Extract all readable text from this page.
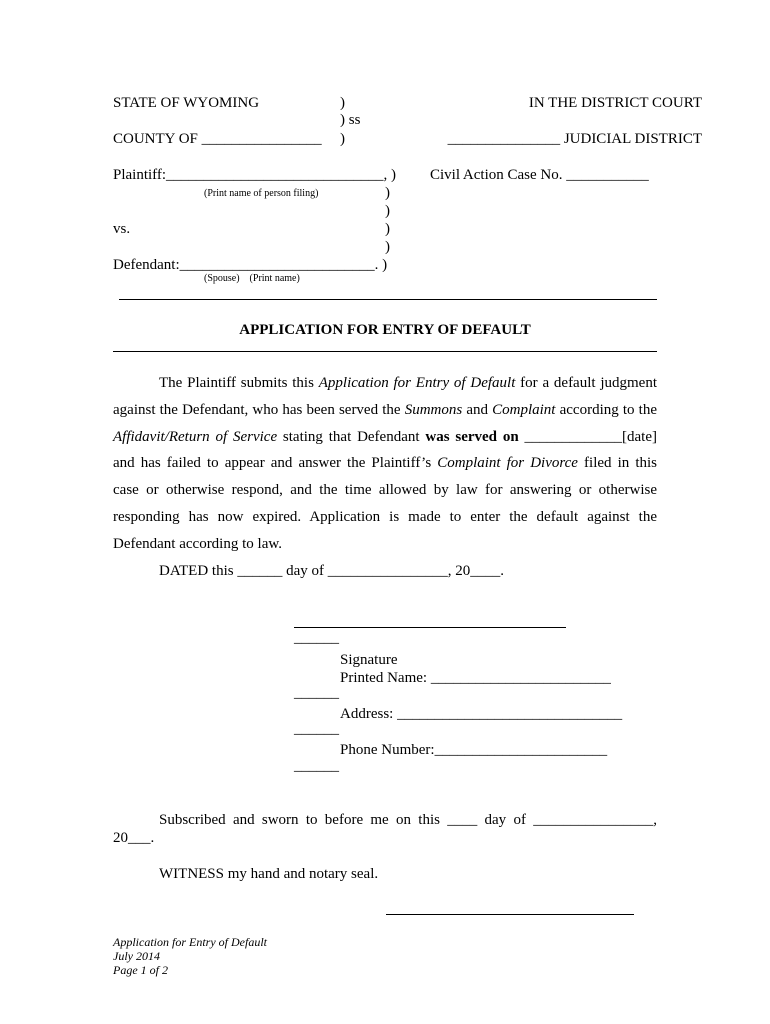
STATE OF WYOMING	)
) ss
COUNTY OF ________________ )
IN THE DISTRICT COURT
_______________ JUDICIAL DISTRICT
Plaintiff:_____________________________, )
(Print name of person filing)
Civil Action Case No. ___________
)
)
vs.	)
)
Defendant:__________________________. )
(Spouse)    (Print name)
APPLICATION FOR ENTRY OF DEFAULT
The Plaintiff submits this Application for Entry of Default for a default judgment
against the Defendant, who has been served the Summons and Complaint according to the
Affidavit/Return of Service stating that Defendant was served on _____________[date]
and has failed to appear and answer the Plaintiff’s Complaint for Divorce filed in this
case or otherwise respond, and the time allowed by law for answering or otherwise
responding has now expired. Application is made to enter the default against the
Defendant according to law.
DATED this ______ day of ________________, 20____.
______
Signature
Printed Name: ________________________
______
Address: ______________________________
______
Phone Number:_______________________
______
Subscribed and sworn to before me on this ____ day of ________________,
20___.
WITNESS my hand and notary seal.
Application for Entry of Default
July 2014
Page 1 of 2
